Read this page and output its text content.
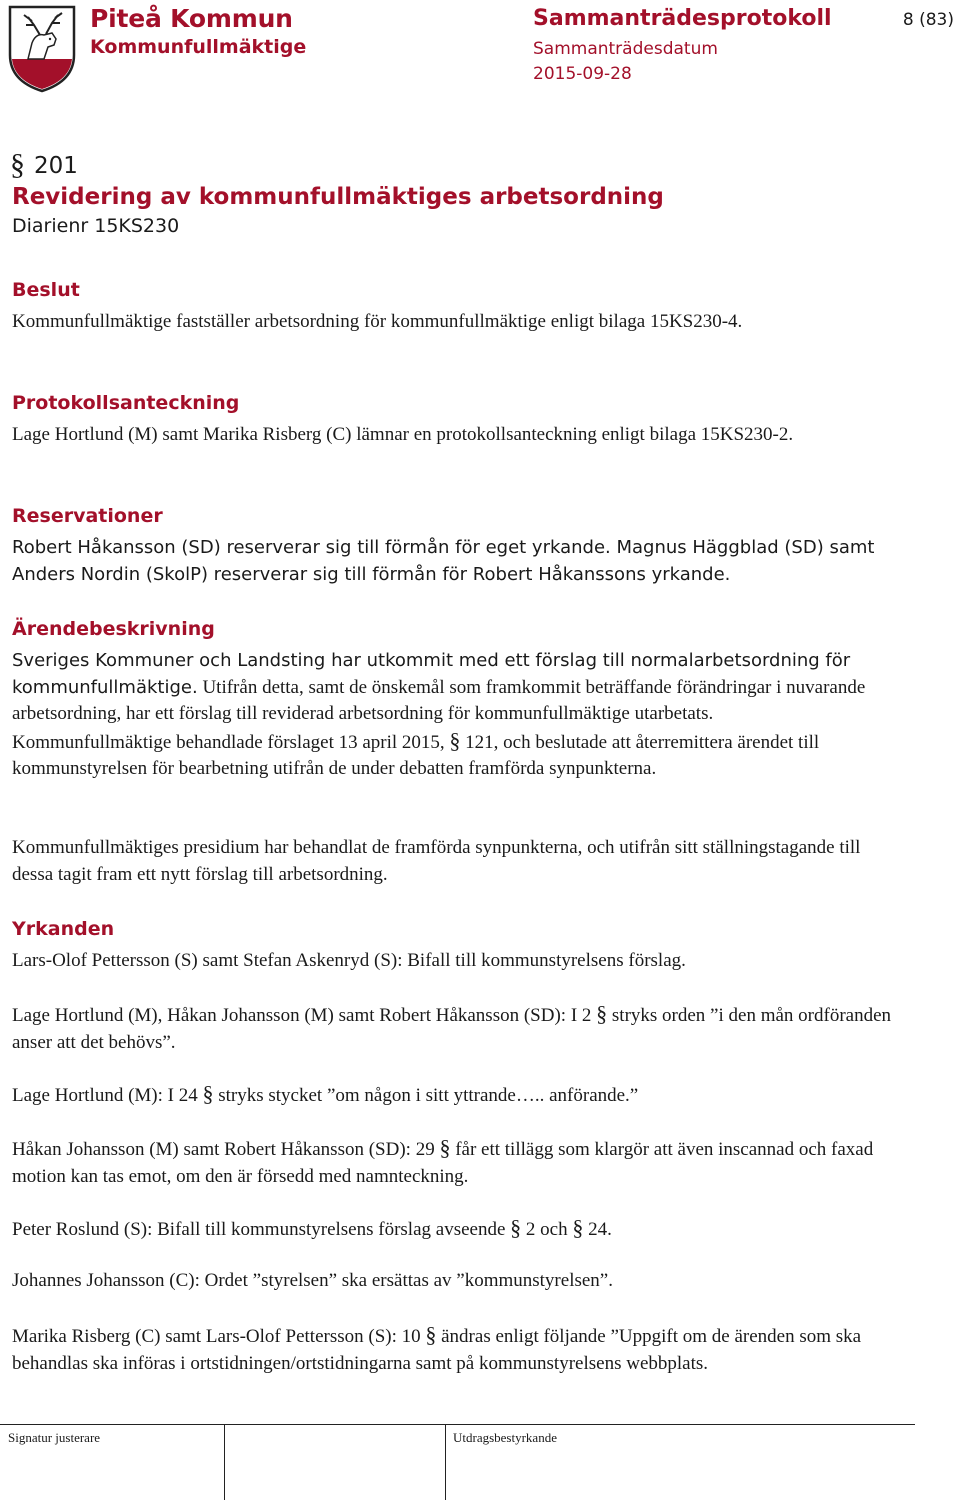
Piteå Kommun
Kommunfullmäktige
Sammanträdesprotokoll
Sammanträdesdatum
2015-09-28
8 (83)
§ 201
Revidering av kommunfullmäktiges arbetsordning
Diarienr 15KS230
Beslut

Kommunfullmäktige fastställer arbetsordning för kommunfullmäktige enligt bilaga 15KS230-4.

Protokollsanteckning

Lage Hortlund (M) samt Marika Risberg (C) lämnar en protokollsanteckning enligt bilaga 15KS230-2.

Reservationer

Robert Håkansson (SD) reserverar sig till förmån för eget yrkande. Magnus Häggblad (SD) samt Anders Nordin (SkolP) reserverar sig till förmån för Robert Håkanssons yrkande.

Ärendebeskrivning

Sveriges Kommuner och Landsting har utkommit med ett förslag till normalarbetsordning för kommunfullmäktige. Utifrån detta, samt de önskemål som framkommit beträffande förändringar i nuvarande arbetsordning, har ett förslag till reviderad arbetsordning för kommunfullmäktige utarbetats. Kommunfullmäktige behandlade förslaget 13 april 2015, § 121, och beslutade att återremittera ärendet till kommunstyrelsen för bearbetning utifrån de under debatten framförda synpunkterna.

Kommunfullmäktiges presidium har behandlat de framförda synpunkterna, och utifrån sitt ställningstagande till dessa tagit fram ett nytt förslag till arbetsordning.

Yrkanden

Lars-Olof Pettersson (S) samt Stefan Askenryd (S): Bifall till kommunstyrelsens förslag.

Lage Hortlund (M), Håkan Johansson (M) samt Robert Håkansson (SD): I 2 § stryks orden ”i den mån ordföranden anser att det behövs”.

Lage Hortlund (M): I 24 § stryks stycket ”om någon i sitt yttrande….. anförande.”

Håkan Johansson (M) samt Robert Håkansson (SD): 29 § får ett tillägg som klargör att även inscannad och faxad motion kan tas emot, om den är försedd med namnteckning.

Peter Roslund (S): Bifall till kommunstyrelsens förslag avseende § 2 och § 24.

Johannes Johansson (C): Ordet ”styrelsen” ska ersättas av ”kommunstyrelsen”.

Marika Risberg (C) samt Lars-Olof Pettersson (S): 10 § ändras enligt följande ”Uppgift om de ärenden som ska behandlas ska införas i ortstidningen/ortstidningarna samt på kommunstyrelsens webbplats.

Signatur justerare	Utdragsbestyrkande
